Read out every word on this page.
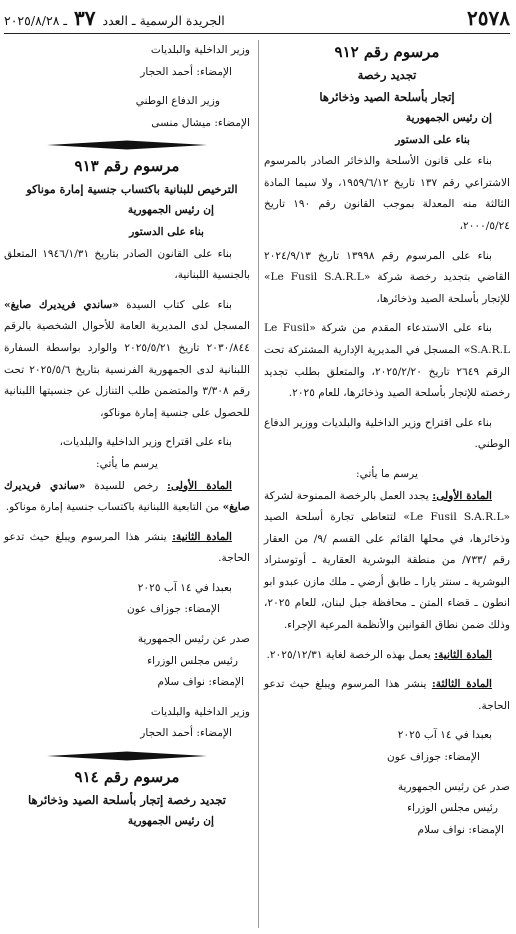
٢٥٧٨
الجريدة الرسمية ـ العدد ٣٧ ـ ٢٠٢٥/٨/٢٨
مرسوم رقم ٩١٢
تجديد رخصة
إتجار بأسلحة الصيد وذخائرها
إن رئيس الجمهورية
بناء على الدستور
بناء على قانون الأسلحة والذخائر الصادر بالمرسوم الاشتراعي رقم ١٣٧ تاريخ ١٩٥٩/٦/١٢، ولا سيما المادة الثالثة منه المعدلة بموجب القانون رقم ١٩٠ تاريخ ٢٠٠٠/٥/٢٤،
بناء على المرسوم رقم ١٣٩٩٨ تاريخ ٢٠٢٤/٩/١٣ القاضي بتجديد رخصة شركة «Le Fusil S.A.R.L» للإتجار بأسلحة الصيد وذخائرها،
بناء على الاستدعاء المقدم من شركة «Le Fusil S.A.R.L» المسجل في المديرية الإدارية المشتركة تحت الرقم ٢٦٤٩ تاريخ ٢٠٢٥/٢/٢٠، والمتعلق بطلب تجديد رخصته للإتجار بأسلحة الصيد وذخائرها، للعام ٢٠٢٥.
بناء على اقتراح وزير الداخلية والبلديات ووزير الدفاع الوطني.
يرسم ما يأتي:
المادة الأولى: يجدد العمل بالرخصة الممنوحة لشركة «Le Fusil S.A.R.L» لتتعاطى تجارة أسلحة الصيد وذخائرها، في محلها القائم على القسم /٩/ من العقار رقم /٧٣٣/ من منطقة البوشرية العقارية ـ أوتوستراد البوشرية ـ سنتر يارا ـ طابق أرضي ـ ملك مازن عبدو ابو انطون ـ قضاء المتن ـ محافظة جبل لبنان، للعام ٢٠٢٥، وذلك ضمن نطاق القوانين والأنظمة المرعية الإجراء.
المادة الثانية: يعمل بهذه الرخصة لغاية ٢٠٢٥/١٢/٣١.
المادة الثالثة: ينشر هذا المرسوم ويبلغ حيث تدعو الحاجة.
بعبدا في ١٤ آب ٢٠٢٥
الإمضاء: جوزاف عون
صدر عن رئيس الجمهورية
رئيس مجلس الوزراء
الإمضاء: نواف سلام
وزير الداخلية والبلديات
الإمضاء: أحمد الحجار
وزير الدفاع الوطني
الإمضاء: ميشال منسى
مرسوم رقم ٩١٣
الترخيص للبنانية باكتساب جنسية إمارة موناكو
إن رئيس الجمهورية
بناء على الدستور
بناء على القانون الصادر بتاريخ ١٩٤٦/١/٣١ المتعلق بالجنسية اللبنانية،
بناء على كتاب السيدة «ساندي فريديرك صايغ» المسجل لدى المديرية العامة للأحوال الشخصية بالرقم ٢٠٣٠/٨٤٤ تاريخ ٢٠٢٥/٥/٢١ والوارد بواسطة السفارة اللبنانية لدى الجمهورية الفرنسية بتاريخ ٢٠٢٥/٥/٦ تحت رقم ٣/٣٠٨ والمتضمن طلب التنازل عن جنسيتها اللبنانية للحصول على جنسية إمارة موناكو،
بناء على اقتراح وزير الداخلية والبلديات،
يرسم ما يأتي:
المادة الأولى: رخص للسيدة «ساندي فريديرك صايغ» من التابعية اللبنانية باكتساب جنسية إمارة موناكو.
المادة الثانية: ينشر هذا المرسوم ويبلغ حيث تدعو الحاجة.
بعبدا في ١٤ آب ٢٠٢٥
الإمضاء: جوزاف عون
صدر عن رئيس الجمهورية
رئيس مجلس الوزراء
الإمضاء: نواف سلام
وزير الداخلية والبلديات
الإمضاء: أحمد الحجار
مرسوم رقم ٩١٤
تجديد رخصة إتجار بأسلحة الصيد وذخائرها
إن رئيس الجمهورية
